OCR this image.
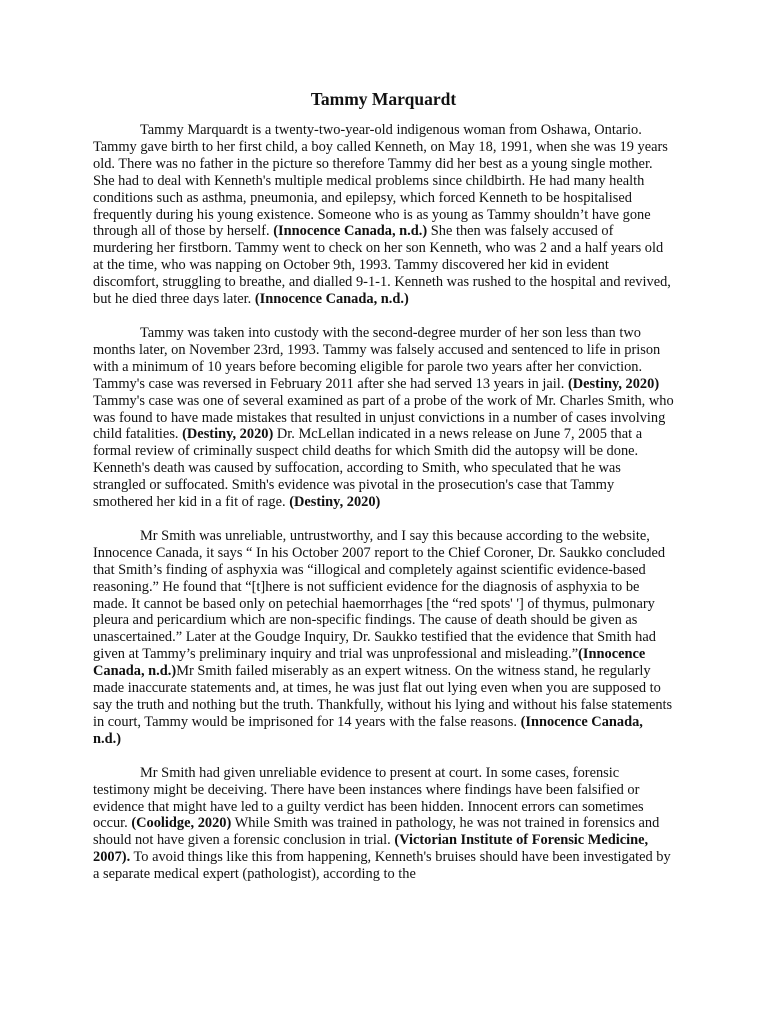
Tammy Marquardt

Tammy Marquardt is a twenty-two-year-old indigenous woman from Oshawa, Ontario. Tammy gave birth to her first child, a boy called Kenneth, on May 18, 1991, when she was 19 years old. There was no father in the picture so therefore Tammy did her best as a young single mother. She had to deal with Kenneth's multiple medical problems since childbirth. He had many health conditions such as asthma, pneumonia, and epilepsy, which forced Kenneth to be hospitalised frequently during his young existence. Someone who is as young as Tammy shouldn’t have gone through all of those by herself. (Innocence Canada, n.d.) She then was falsely accused of murdering her firstborn. Tammy went to check on her son Kenneth, who was 2 and a half years old at the time, who was napping on October 9th, 1993. Tammy discovered her kid in evident discomfort, struggling to breathe, and dialled 9-1-1. Kenneth was rushed to the hospital and revived, but he died three days later. (Innocence Canada, n.d.)

Tammy was taken into custody with the second-degree murder of her son less than two months later, on November 23rd, 1993. Tammy was falsely accused and sentenced to life in prison with a minimum of 10 years before becoming eligible for parole two years after her conviction. Tammy's case was reversed in February 2011 after she had served 13 years in jail. (Destiny, 2020) Tammy's case was one of several examined as part of a probe of the work of Mr. Charles Smith, who was found to have made mistakes that resulted in unjust convictions in a number of cases involving child fatalities. (Destiny, 2020) Dr. McLellan indicated in a news release on June 7, 2005 that a formal review of criminally suspect child deaths for which Smith did the autopsy will be done. Kenneth's death was caused by suffocation, according to Smith, who speculated that he was strangled or suffocated. Smith's evidence was pivotal in the prosecution's case that Tammy smothered her kid in a fit of rage. (Destiny, 2020)

Mr Smith was unreliable, untrustworthy, and I say this because according to the website, Innocence Canada, it says “ In his October 2007 report to the Chief Coroner, Dr. Saukko concluded that Smith’s finding of asphyxia was “illogical and completely against scientific evidence-based reasoning.” He found that “[t]here is not sufficient evidence for the diagnosis of asphyxia to be made. It cannot be based only on petechial haemorrhages [the “red spots' '] of thymus, pulmonary pleura and pericardium which are non-specific findings. The cause of death should be given as unascertained.” Later at the Goudge Inquiry, Dr. Saukko testified that the evidence that Smith had given at Tammy’s preliminary inquiry and trial was unprofessional and misleading.”(Innocence Canada, n.d.)Mr Smith failed miserably as an expert witness. On the witness stand, he regularly made inaccurate statements and, at times, he was just flat out lying even when you are supposed to say the truth and nothing but the truth. Thankfully, without his lying and without his false statements in court, Tammy would be imprisoned for 14 years with the false reasons. (Innocence Canada, n.d.)

Mr Smith had given unreliable evidence to present at court. In some cases, forensic testimony might be deceiving. There have been instances where findings have been falsified or evidence that might have led to a guilty verdict has been hidden. Innocent errors can sometimes occur. (Coolidge, 2020) While Smith was trained in pathology, he was not trained in forensics and should not have given a forensic conclusion in trial. (Victorian Institute of Forensic Medicine, 2007). To avoid things like this from happening, Kenneth's bruises should have been investigated by a separate medical expert (pathologist), according to the
